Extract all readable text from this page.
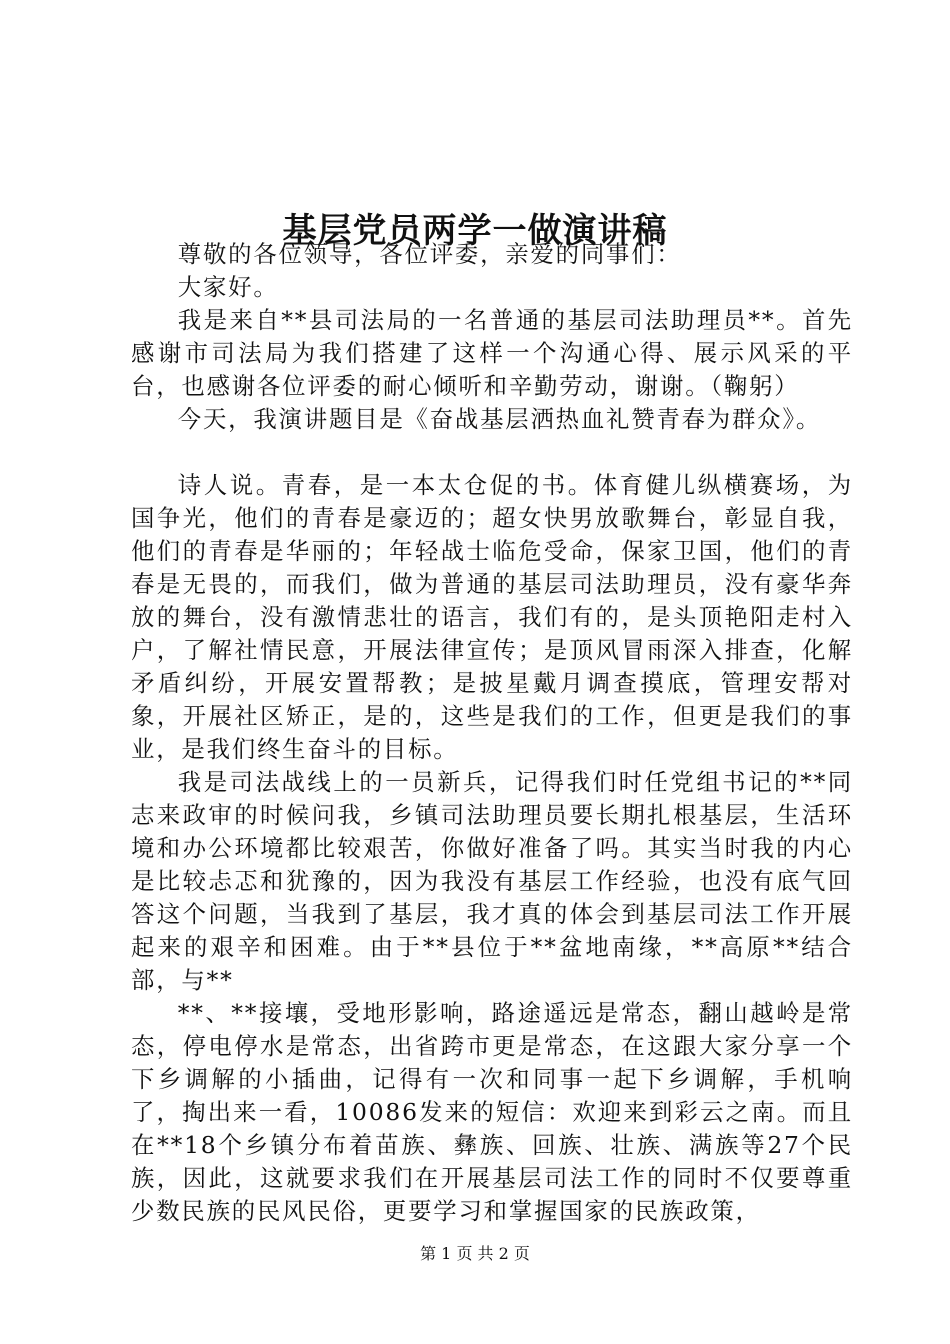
基层党员两学一做演讲稿

尊敬的各位领导，各位评委，亲爱的同事们：

大家好。

我是来自**县司法局的一名普通的基层司法助理员**。首先感谢市司法局为我们搭建了这样一个沟通心得、展示风采的平台，也感谢各位评委的耐心倾听和辛勤劳动，谢谢。（鞠躬）

今天，我演讲题目是《奋战基层洒热血礼赞青春为群众》。

诗人说。青春，是一本太仓促的书。体育健儿纵横赛场，为国争光，他们的青春是豪迈的；超女快男放歌舞台，彰显自我，他们的青春是华丽的；年轻战士临危受命，保家卫国，他们的青春是无畏的，而我们，做为普通的基层司法助理员，没有豪华奔放的舞台，没有激情悲壮的语言，我们有的，是头顶艳阳走村入户，了解社情民意，开展法律宣传；是顶风冒雨深入排查，化解矛盾纠纷，开展安置帮教；是披星戴月调查摸底，管理安帮对象，开展社区矫正，是的，这些是我们的工作，但更是我们的事业，是我们终生奋斗的目标。

我是司法战线上的一员新兵，记得我们时任党组书记的**同志来政审的时候问我，乡镇司法助理员要长期扎根基层，生活环境和办公环境都比较艰苦，你做好准备了吗。其实当时我的内心是比较忐忑和犹豫的，因为我没有基层工作经验，也没有底气回答这个问题，当我到了基层，我才真的体会到基层司法工作开展起来的艰辛和困难。由于**县位于**盆地南缘，**高原**结合部，与**

**、**接壤，受地形影响，路途遥远是常态，翻山越岭是常态，停电停水是常态，出省跨市更是常态，在这跟大家分享一个下乡调解的小插曲，记得有一次和同事一起下乡调解，手机响了，掏出来一看，10086发来的短信：欢迎来到彩云之南。而且在**18个乡镇分布着苗族、彝族、回族、壮族、满族等27个民族，因此，这就要求我们在开展基层司法工作的同时不仅要尊重少数民族的民风民俗，更要学习和掌握国家的民族政策，

第 1 页 共 2 页
